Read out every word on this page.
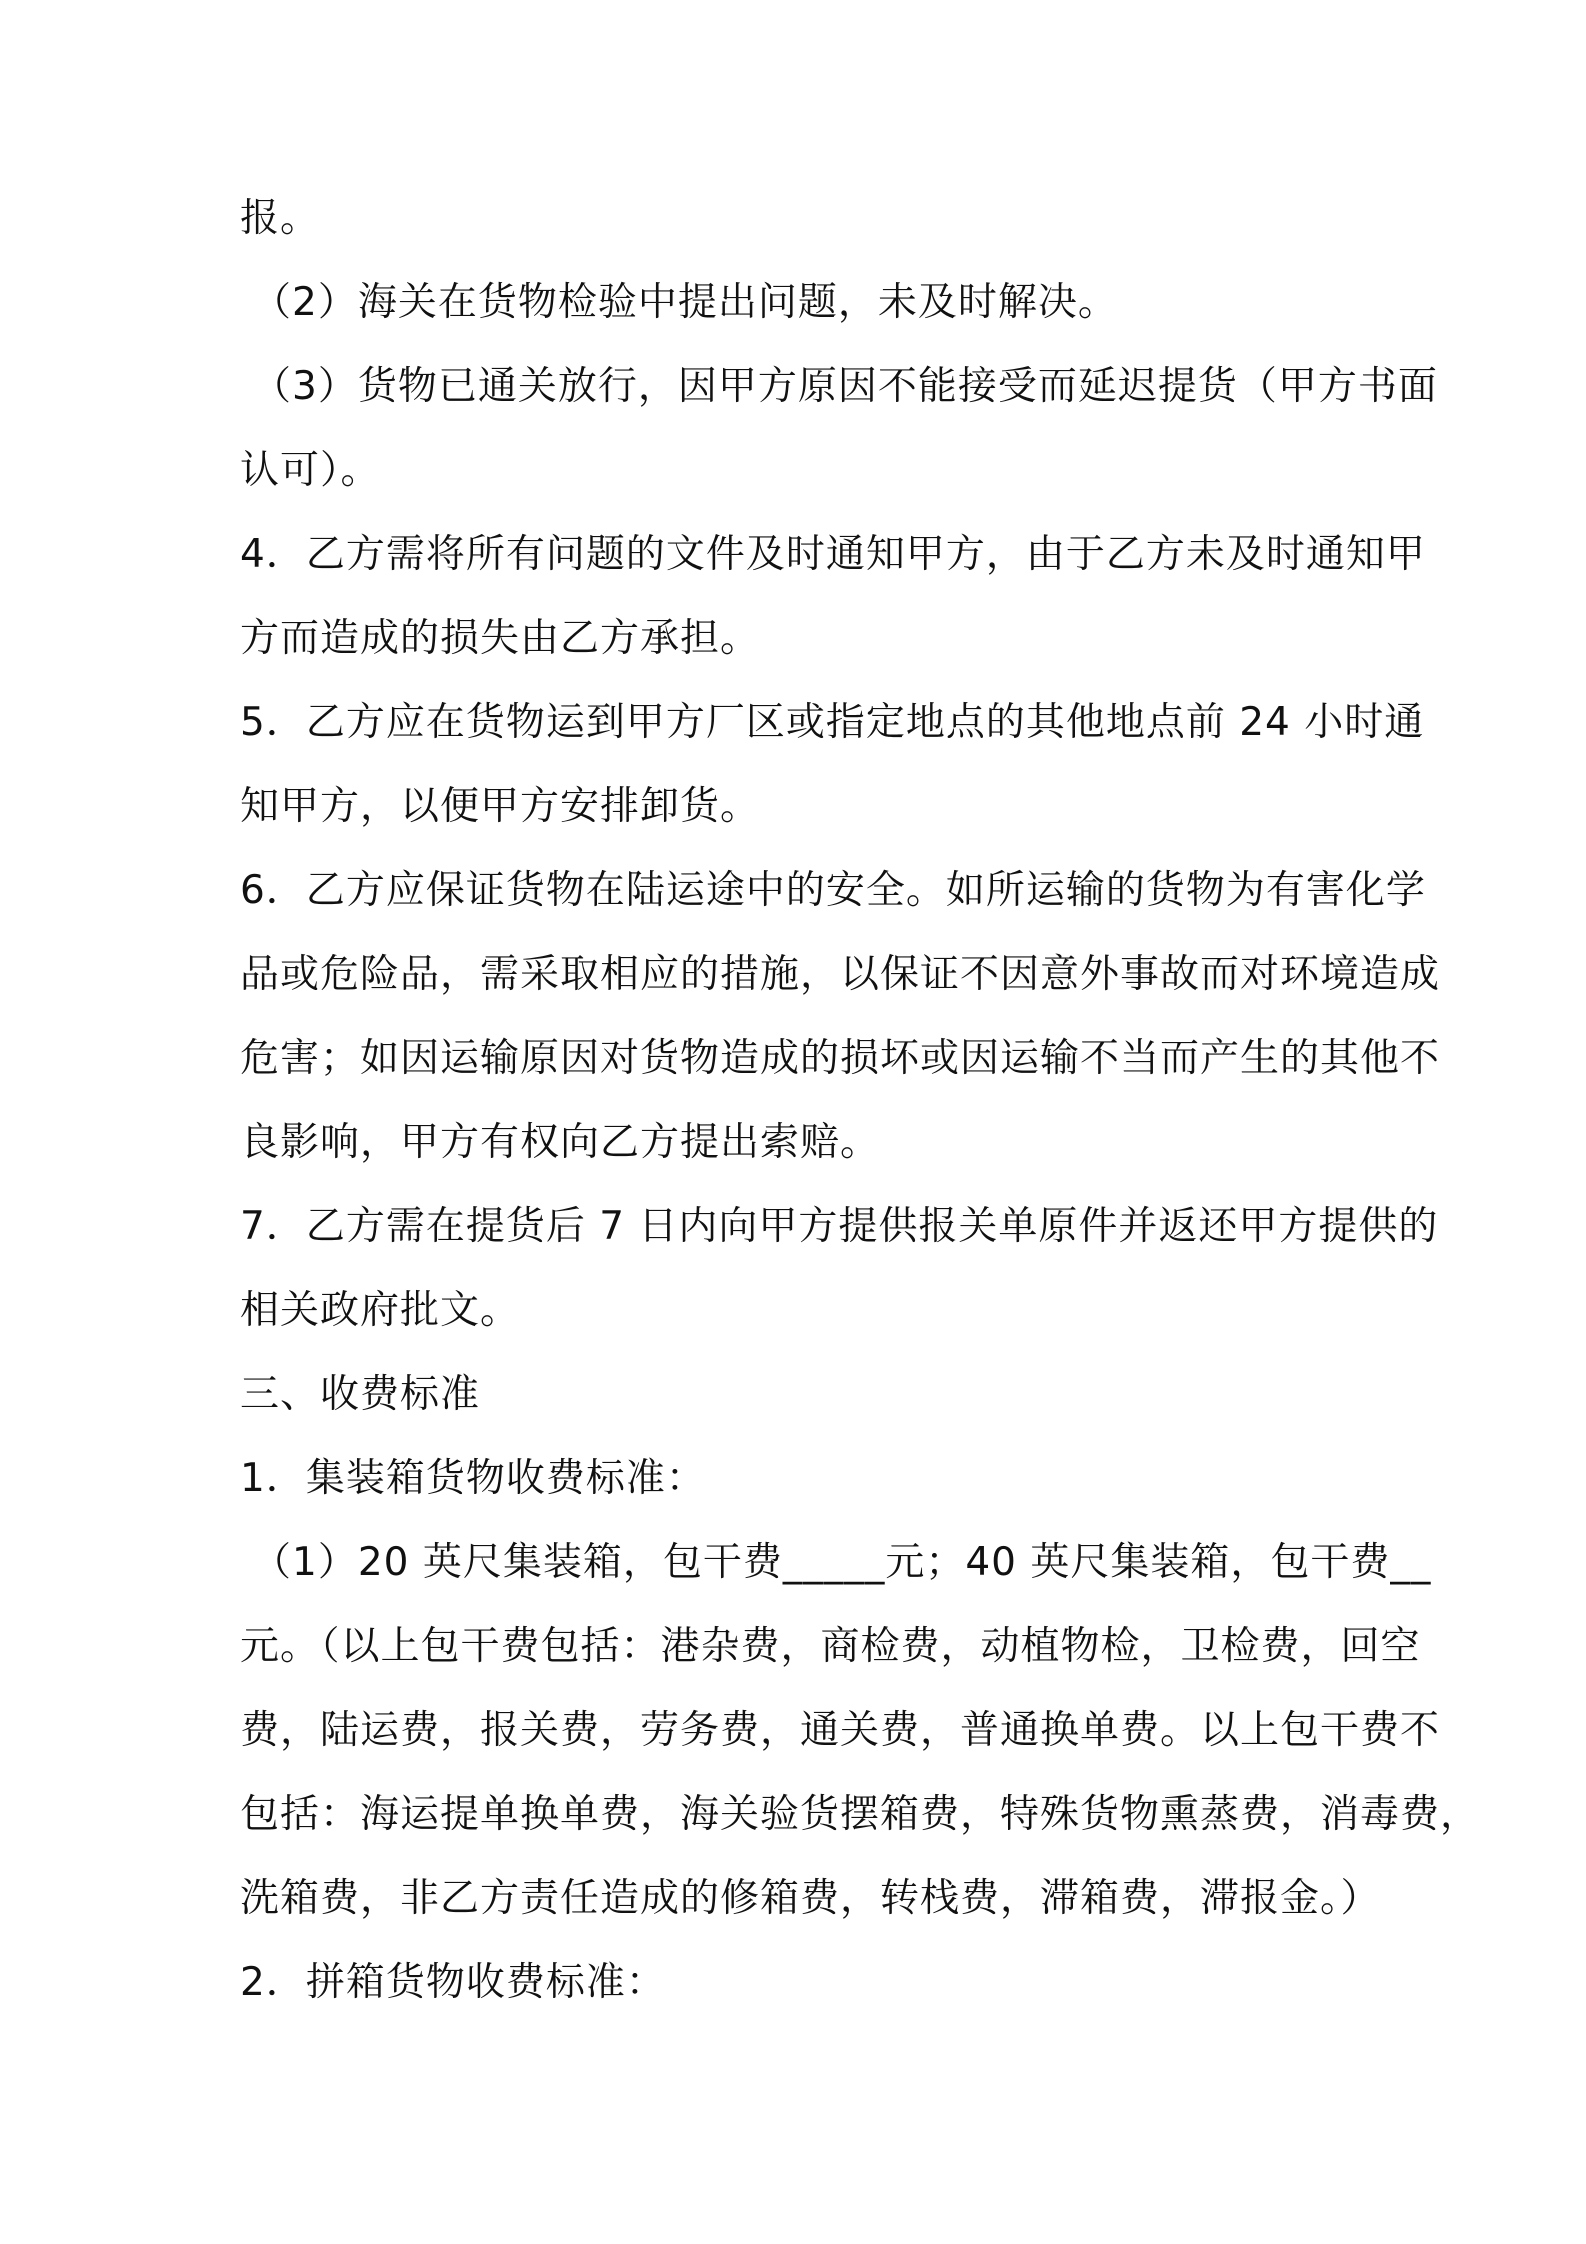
报。
（2）海关在货物检验中提出问题，未及时解决。
（3）货物已通关放行，因甲方原因不能接受而延迟提货（甲方书面
认可）。
4．乙方需将所有问题的文件及时通知甲方，由于乙方未及时通知甲
方而造成的损失由乙方承担。
5．乙方应在货物运到甲方厂区或指定地点的其他地点前 24 小时通
知甲方，以便甲方安排卸货。
6．乙方应保证货物在陆运途中的安全。如所运输的货物为有害化学
品或危险品，需采取相应的措施，以保证不因意外事故而对环境造成
危害；如因运输原因对货物造成的损坏或因运输不当而产生的其他不
良影响，甲方有权向乙方提出索赔。
7．乙方需在提货后 7 日内向甲方提供报关单原件并返还甲方提供的
相关政府批文。
三、收费标准
1．集装箱货物收费标准：
（1）20 英尺集装箱，包干费_____元；40 英尺集装箱，包干费__
元。（以上包干费包括：港杂费，商检费，动植物检，卫检费，回空
费，陆运费，报关费，劳务费，通关费，普通换单费。以上包干费不
包括：海运提单换单费，海关验货摆箱费，特殊货物熏蒸费，消毒费，
洗箱费，非乙方责任造成的修箱费，转栈费，滞箱费，滞报金。）
2．拼箱货物收费标准：
